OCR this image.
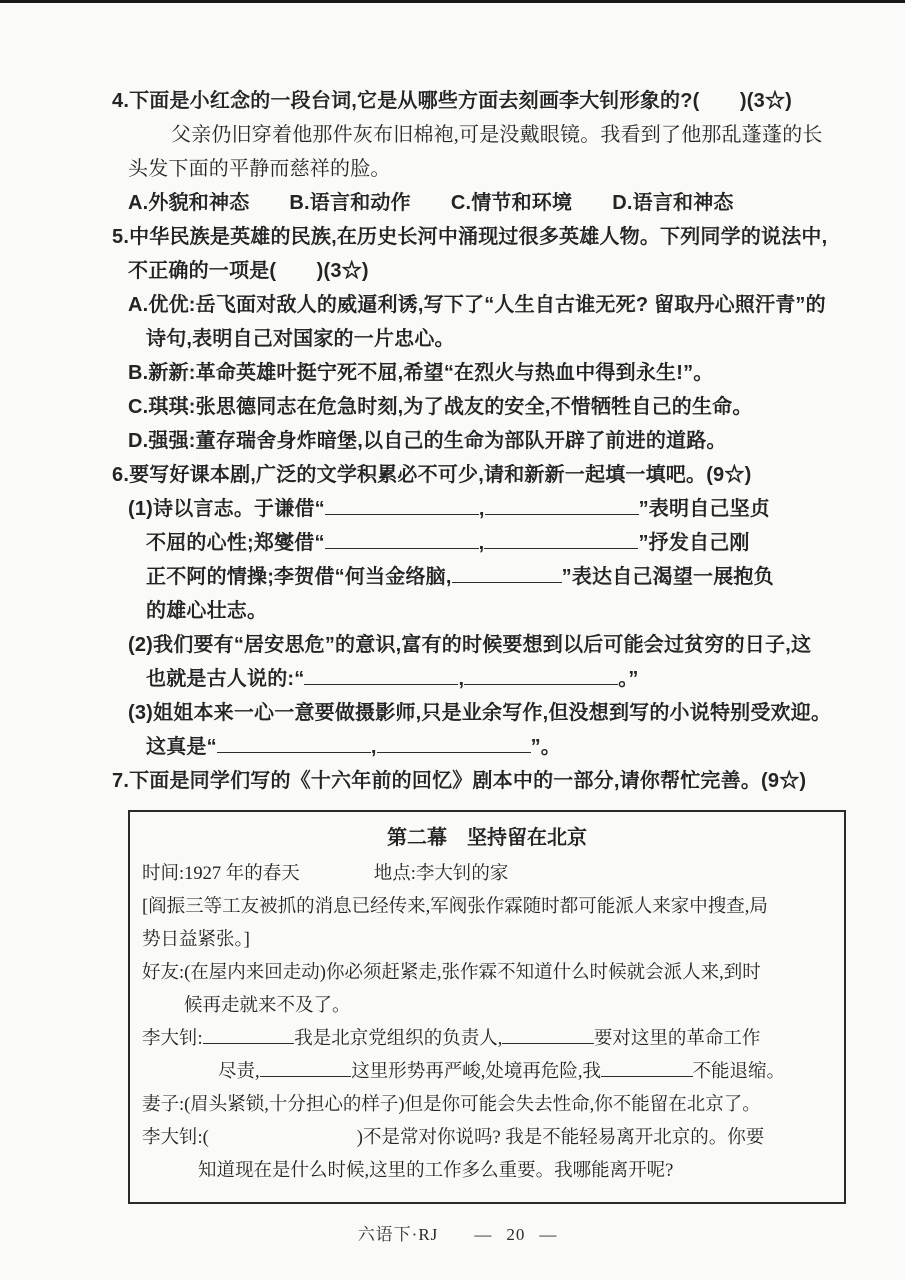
4.下面是小红念的一段台词,它是从哪些方面去刻画李大钊形象的?(　　)(3☆)
父亲仍旧穿着他那件灰布旧棉袍,可是没戴眼镜。我看到了他那乱蓬蓬的长
头发下面的平静而慈祥的脸。
A.外貌和神态 B.语言和动作 C.情节和环境 D.语言和神态
5.中华民族是英雄的民族,在历史长河中涌现过很多英雄人物。下列同学的说法中,
不正确的一项是(　　)(3☆)
A.优优:岳飞面对敌人的威逼利诱,写下了“人生自古谁无死? 留取丹心照汗青”的
诗句,表明自己对国家的一片忠心。
B.新新:革命英雄叶挺宁死不屈,希望“在烈火与热血中得到永生!”。
C.琪琪:张思德同志在危急时刻,为了战友的安全,不惜牺牲自己的生命。
D.强强:董存瑞舍身炸暗堡,以自己的生命为部队开辟了前进的道路。
6.要写好课本剧,广泛的文学积累必不可少,请和新新一起填一填吧。(9☆)
(1)诗以言志。于谦借“	,	”表明自己坚贞
不屈的心性;郑燮借“	,	”抒发自己刚
正不阿的情操;李贺借“何当金络脑,	”表达自己渴望一展抱负
的雄心壮志。
(2)我们要有“居安思危”的意识,富有的时候要想到以后可能会过贫穷的日子,这
也就是古人说的:“	,	。”
(3)姐姐本来一心一意要做摄影师,只是业余写作,但没想到写的小说特别受欢迎。
这真是“	,	”。
7.下面是同学们写的《十六年前的回忆》剧本中的一部分,请你帮忙完善。(9☆)
第二幕　坚持留在北京
时间:1927 年的春天　　　　地点:李大钊的家
[阎振三等工友被抓的消息已经传来,军阀张作霖随时都可能派人来家中搜查,局
势日益紧张。]
好友:(在屋内来回走动)你必须赶紧走,张作霖不知道什么时候就会派人来,到时
候再走就来不及了。
李大钊:	我是北京党组织的负责人,	要对这里的革命工作
尽责,	这里形势再严峻,处境再危险,我	不能退缩。
妻子:(眉头紧锁,十分担心的样子)但是你可能会失去性命,你不能留在北京了。
李大钊:(　　　　　　　　)不是常对你说吗? 我是不能轻易离开北京的。你要
知道现在是什么时候,这里的工作多么重要。我哪能离开呢?
六语下·RJ — 20 —
